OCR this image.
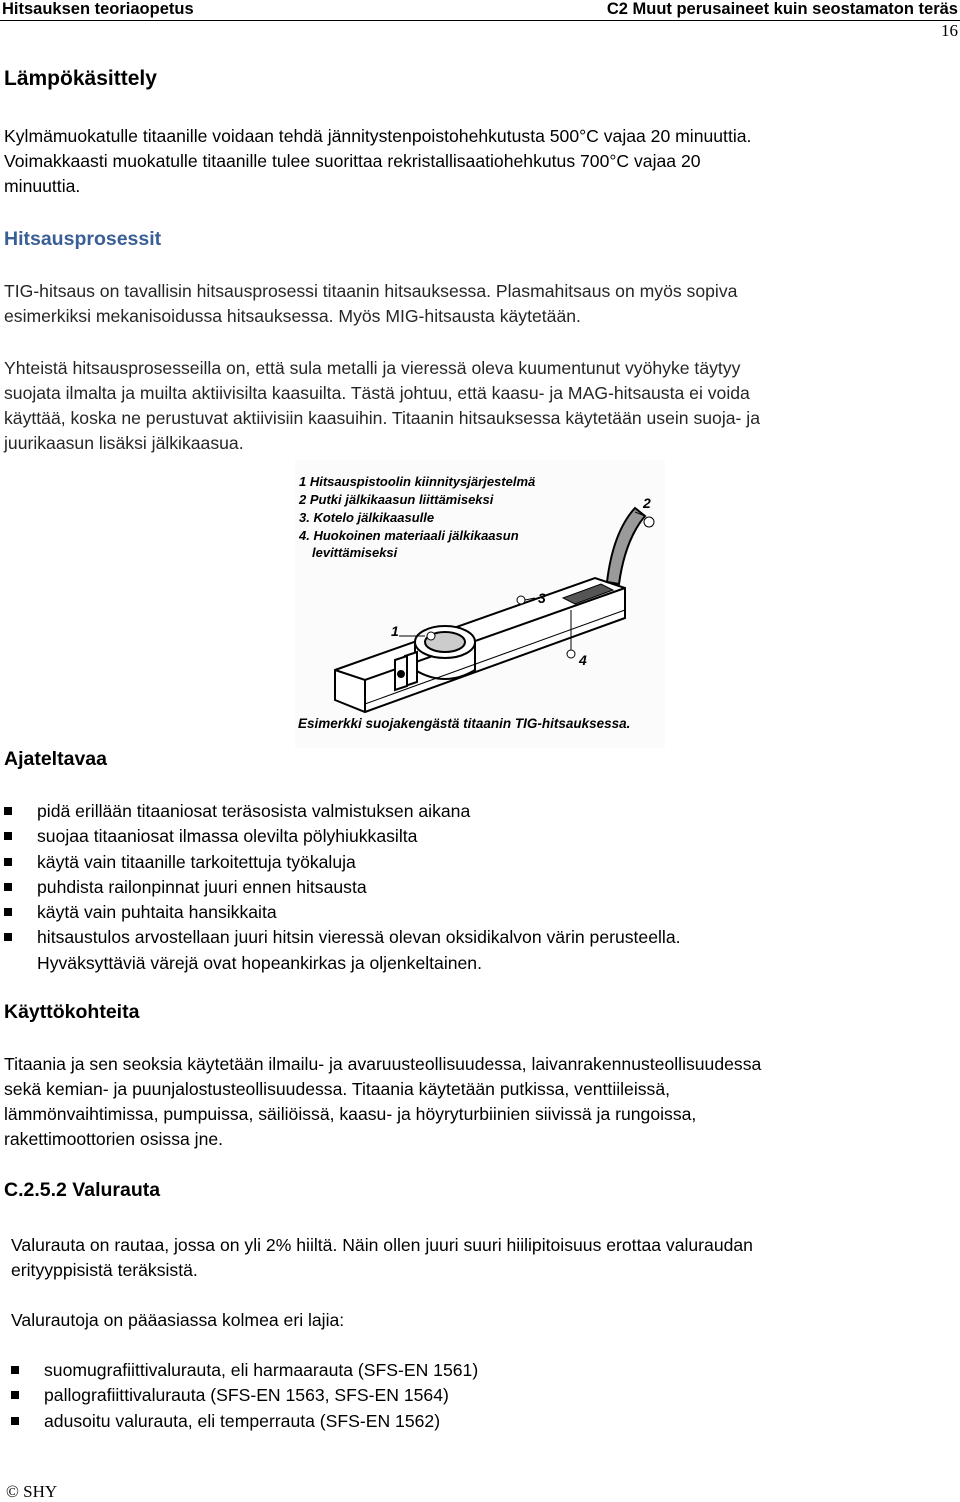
Hitsauksen teoriaopetus	C2 Muut perusaineet kuin seostamaton teräs
16
Lämpökäsittely
Kylmämuokatulle titaanille voidaan tehdä jännitystenpoistohehkutusta 500°C vajaa 20 minuuttia.
Voimakkaasti muokatulle titaanille tulee suorittaa rekristallisaatiohehkutus 700°C vajaa 20
minuuttia.
Hitsausprosessit
TIG-hitsaus on tavallisin hitsausprosessi titaanin hitsauksessa. Plasmahitsaus on myös sopiva
esimerkiksi mekanisoidussa hitsauksessa. Myös MIG-hitsausta käytetään.
Yhteistä hitsausprosesseilla on, että sula metalli ja vieressä oleva kuumentunut vyöhyke täytyy
suojata ilmalta ja muilta aktiivisilta kaasuilta. Tästä johtuu, että kaasu- ja MAG-hitsausta ei voida
käyttää, koska ne perustuvat aktiivisiin kaasuihin. Titaanin hitsauksessa käytetään usein suoja- ja
juurikaasun lisäksi jälkikaasua.
1 Hitsauspistoolin kiinnitysjärjestelmä
2 Putki jälkikaasun liittämiseksi
3. Kotelo jälkikaasulle
4. Huokoinen materiaali jälkikaasun
levittämiseksi
1
2
3
4
Esimerkki suojakengästä titaanin TIG-hitsauksessa.
Ajateltavaa
pidä erillään titaaniosat teräsosista valmistuksen aikana
suojaa titaaniosat ilmassa olevilta pölyhiukkasilta
käytä vain titaanille tarkoitettuja työkaluja
puhdista railonpinnat juuri ennen hitsausta
käytä vain puhtaita hansikkaita
hitsaustulos arvostellaan juuri hitsin vieressä olevan oksidikalvon värin perusteella.
Hyväksyttäviä värejä ovat hopeankirkas ja oljenkeltainen.
Käyttökohteita
Titaania ja sen seoksia käytetään ilmailu- ja avaruusteollisuudessa, laivanrakennusteollisuudessa
sekä kemian- ja puunjalostusteollisuudessa. Titaania käytetään putkissa, venttiileissä,
lämmönvaihtimissa, pumpuissa, säiliöissä, kaasu- ja höyryturbiinien siivissä ja rungoissa,
rakettimoottorien osissa jne.
C.2.5.2 Valurauta
Valurauta on rautaa, jossa on yli 2% hiiltä. Näin ollen juuri suuri hiilipitoisuus erottaa valuraudan
erityyppisistä teräksistä.
Valurautoja on pääasiassa kolmea eri lajia:
suomugrafiittivalurauta, eli harmaarauta (SFS-EN 1561)
pallografiittivalurauta (SFS-EN 1563, SFS-EN 1564)
adusoitu valurauta, eli temperrauta (SFS-EN 1562)
© SHY
